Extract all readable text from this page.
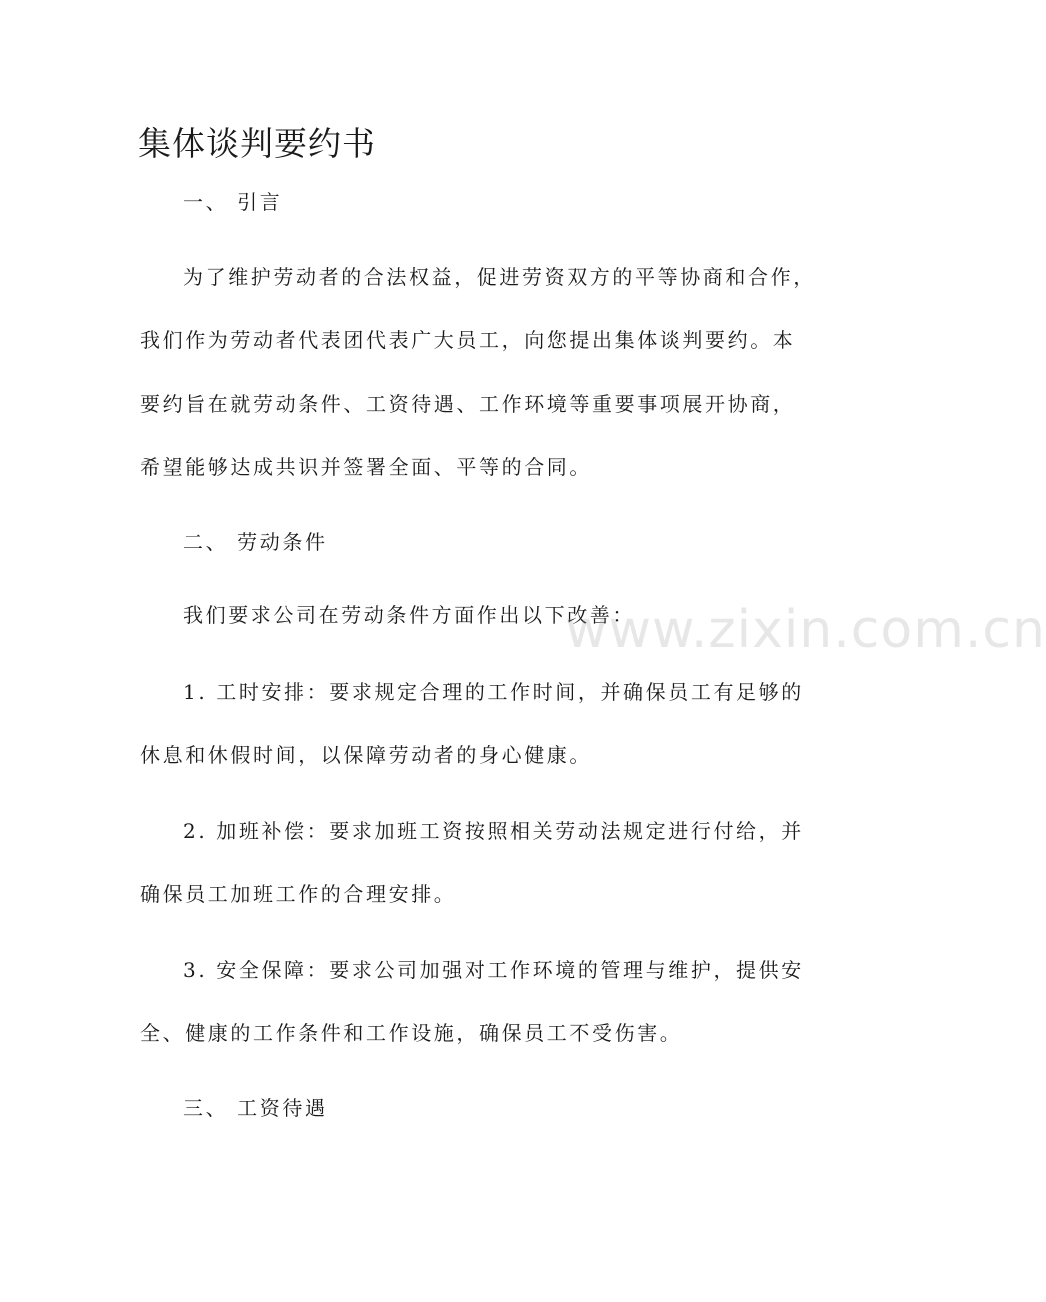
集体谈判要约书
一、 引言
为了维护劳动者的合法权益，促进劳资双方的平等协商和合作，
我们作为劳动者代表团代表广大员工，向您提出集体谈判要约。本
要约旨在就劳动条件、工资待遇、工作环境等重要事项展开协商，
希望能够达成共识并签署全面、平等的合同。
二、 劳动条件
我们要求公司在劳动条件方面作出以下改善：
1. 工时安排：要求规定合理的工作时间，并确保员工有足够的
休息和休假时间，以保障劳动者的身心健康。
2. 加班补偿：要求加班工资按照相关劳动法规定进行付给，并
确保员工加班工作的合理安排。
3. 安全保障：要求公司加强对工作环境的管理与维护，提供安
全、健康的工作条件和工作设施，确保员工不受伤害。
三、 工资待遇
www.zixin.com.cn
